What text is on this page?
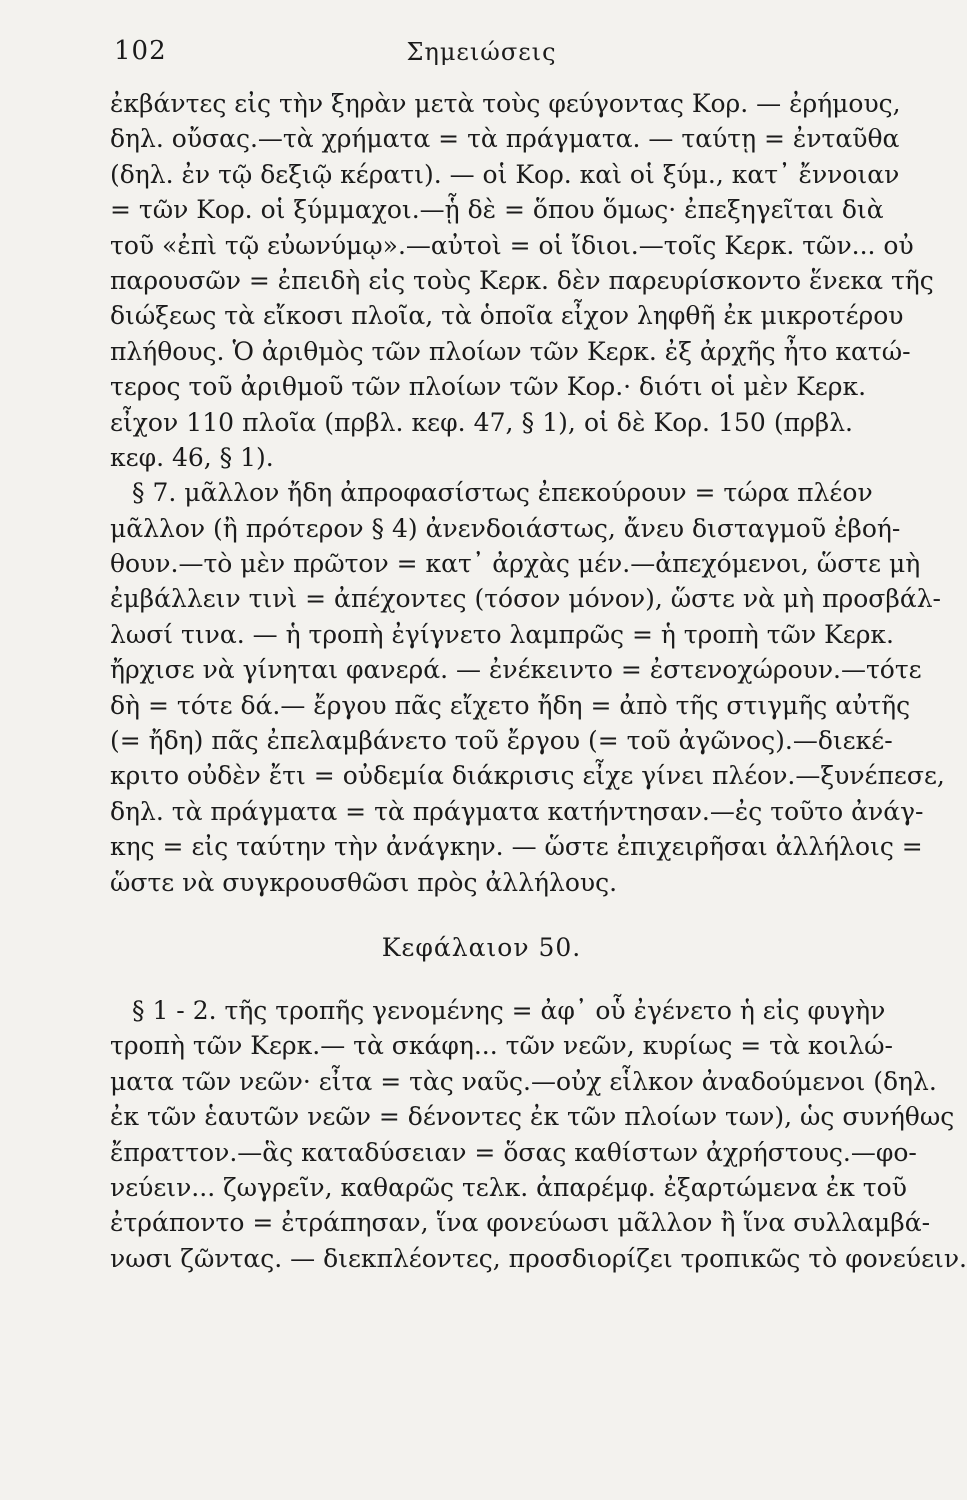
102	Σημειώσεις
ἐκβάντες εἰς τὴν ξηρὰν μετὰ τοὺς φεύγοντας Κορ. — ἐρήμους,
δηλ. οὔσας.—τὰ χρήματα = τὰ πράγματα. — ταύτῃ = ἐνταῦθα
(δηλ. ἐν τῷ δεξιῷ κέρατι). — οἱ Κορ. καὶ οἱ ξύμ., κατ᾽ ἔννοιαν
= τῶν Κορ. οἱ ξύμμαχοι.—ᾗ δὲ = ὅπου ὅμως· ἐπεξηγεῖται διὰ
τοῦ «ἐπὶ τῷ εὐωνύμῳ».—αὐτοὶ = οἱ ἴδιοι.—τοῖς Κερκ. τῶν... οὐ
παρουσῶν = ἐπειδὴ εἰς τοὺς Κερκ. δὲν παρευρίσκοντο ἕνεκα τῆς
διώξεως τὰ εἴκοσι πλοῖα, τὰ ὁποῖα εἶχον ληφθῆ ἐκ μικροτέρου
πλήθους. Ὁ ἀριθμὸς τῶν πλοίων τῶν Κερκ. ἐξ ἀρχῆς ἦτο κατώ-
τερος τοῦ ἀριθμοῦ τῶν πλοίων τῶν Κορ.· διότι οἱ μὲν Κερκ.
εἶχον 110 πλοῖα (πρβλ. κεφ. 47, § 1), οἱ δὲ Κορ. 150 (πρβλ.
κεφ. 46, § 1).
§ 7. μᾶλλον ἤδη ἀπροφασίστως ἐπεκούρουν = τώρα πλέον
μᾶλλον (ἢ πρότερον § 4) ἀνενδοιάστως, ἄνευ δισταγμοῦ ἐβοή-
θουν.—τὸ μὲν πρῶτον = κατ᾽ ἀρχὰς μέν.—ἀπεχόμενοι, ὥστε μὴ
ἐμβάλλειν τινὶ = ἀπέχοντες (τόσον μόνον), ὥστε νὰ μὴ προσβάλ-
λωσί τινα. — ἡ τροπὴ ἐγίγνετο λαμπρῶς = ἡ τροπὴ τῶν Κερκ.
ἤρχισε νὰ γίνηται φανερά. — ἐνέκειντο = ἐστενοχώρουν.—τότε
δὴ = τότε δά.— ἔργου πᾶς εἴχετο ἤδη = ἀπὸ τῆς στιγμῆς αὐτῆς
(= ἤδη) πᾶς ἐπελαμβάνετο τοῦ ἔργου (= τοῦ ἀγῶνος).—διεκέ-
κριτο οὐδὲν ἔτι = οὐδεμία διάκρισις εἶχε γίνει πλέον.—ξυνέπεσε,
δηλ. τὰ πράγματα = τὰ πράγματα κατήντησαν.—ἐς τοῦτο ἀνάγ-
κης = εἰς ταύτην τὴν ἀνάγκην. — ὥστε ἐπιχειρῆσαι ἀλλήλοις =
ὥστε νὰ συγκρουσθῶσι πρὸς ἀλλήλους.
Κεφάλαιον 50.
§ 1 - 2. τῆς τροπῆς γενομένης = ἀφ᾽ οὗ ἐγένετο ἡ εἰς φυγὴν
τροπὴ τῶν Κερκ.— τὰ σκάφη... τῶν νεῶν, κυρίως = τὰ κοιλώ-
ματα τῶν νεῶν· εἶτα = τὰς ναῦς.—οὐχ εἷλκον ἀναδούμενοι (δηλ.
ἐκ τῶν ἑαυτῶν νεῶν = δένοντες ἐκ τῶν πλοίων των), ὡς συνήθως
ἔπραττον.—ἃς καταδύσειαν = ὅσας καθίστων ἀχρήστους.—φο-
νεύειν... ζωγρεῖν, καθαρῶς τελκ. ἀπαρέμφ. ἐξαρτώμενα ἐκ τοῦ
ἐτράποντο = ἐτράπησαν, ἵνα φονεύωσι μᾶλλον ἢ ἵνα συλλαμβά-
νωσι ζῶντας. — διεκπλέοντες, προσδιορίζει τροπικῶς τὸ φονεύειν.
